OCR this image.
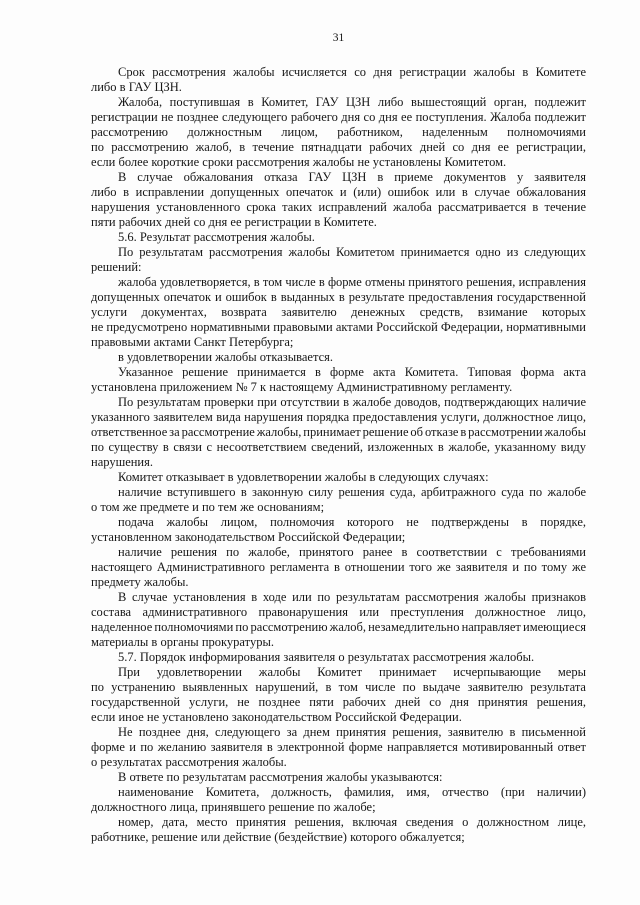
31
Срок рассмотрения жалобы исчисляется со дня регистрации жалобы в Комитете
либо в ГАУ ЦЗН.
Жалоба, поступившая в Комитет, ГАУ ЦЗН либо вышестоящий орган, подлежит
регистрации не позднее следующего рабочего дня со дня ее поступления. Жалоба подлежит
рассмотрению должностным лицом, работником, наделенным полномочиями
по рассмотрению жалоб, в течение пятнадцати рабочих дней со дня ее регистрации,
если более короткие сроки рассмотрения жалобы не установлены Комитетом.
В случае обжалования отказа ГАУ ЦЗН в приеме документов у заявителя
либо в исправлении допущенных опечаток и (или) ошибок или в случае обжалования
нарушения установленного срока таких исправлений жалоба рассматривается в течение
пяти рабочих дней со дня ее регистрации в Комитете.
5.6. Результат рассмотрения жалобы.
По результатам рассмотрения жалобы Комитетом принимается одно из следующих
решений:
жалоба удовлетворяется, в том числе в форме отмены принятого решения, исправления
допущенных опечаток и ошибок в выданных в результате предоставления государственной
услуги документах, возврата заявителю денежных средств, взимание которых
не предусмотрено нормативными правовыми актами Российской Федерации, нормативными
правовыми актами Санкт Петербурга;
в удовлетворении жалобы отказывается.
Указанное решение принимается в форме акта Комитета. Типовая форма акта
установлена приложением № 7 к настоящему Административному регламенту.
По результатам проверки при отсутствии в жалобе доводов, подтверждающих наличие
указанного заявителем вида нарушения порядка предоставления услуги, должностное лицо,
ответственное за рассмотрение жалобы, принимает решение об отказе в рассмотрении жалобы
по существу в связи с несоответствием сведений, изложенных в жалобе, указанному виду
нарушения.
Комитет отказывает в удовлетворении жалобы в следующих случаях:
наличие вступившего в законную силу решения суда, арбитражного суда по жалобе
о том же предмете и по тем же основаниям;
подача жалобы лицом, полномочия которого не подтверждены в порядке,
установленном законодательством Российской Федерации;
наличие решения по жалобе, принятого ранее в соответствии с требованиями
настоящего Административного регламента в отношении того же заявителя и по тому же
предмету жалобы.
В случае установления в ходе или по результатам рассмотрения жалобы признаков
состава административного правонарушения или преступления должностное лицо,
наделенное полномочиями по рассмотрению жалоб, незамедлительно направляет имеющиеся
материалы в органы прокуратуры.
5.7. Порядок информирования заявителя о результатах рассмотрения жалобы.
При удовлетворении жалобы Комитет принимает исчерпывающие меры
по устранению выявленных нарушений, в том числе по выдаче заявителю результата
государственной услуги, не позднее пяти рабочих дней со дня принятия решения,
если иное не установлено законодательством Российской Федерации.
Не позднее дня, следующего за днем принятия решения, заявителю в письменной
форме и по желанию заявителя в электронной форме направляется мотивированный ответ
о результатах рассмотрения жалобы.
В ответе по результатам рассмотрения жалобы указываются:
наименование Комитета, должность, фамилия, имя, отчество (при наличии)
должностного лица, принявшего решение по жалобе;
номер, дата, место принятия решения, включая сведения о должностном лице,
работнике, решение или действие (бездействие) которого обжалуется;
